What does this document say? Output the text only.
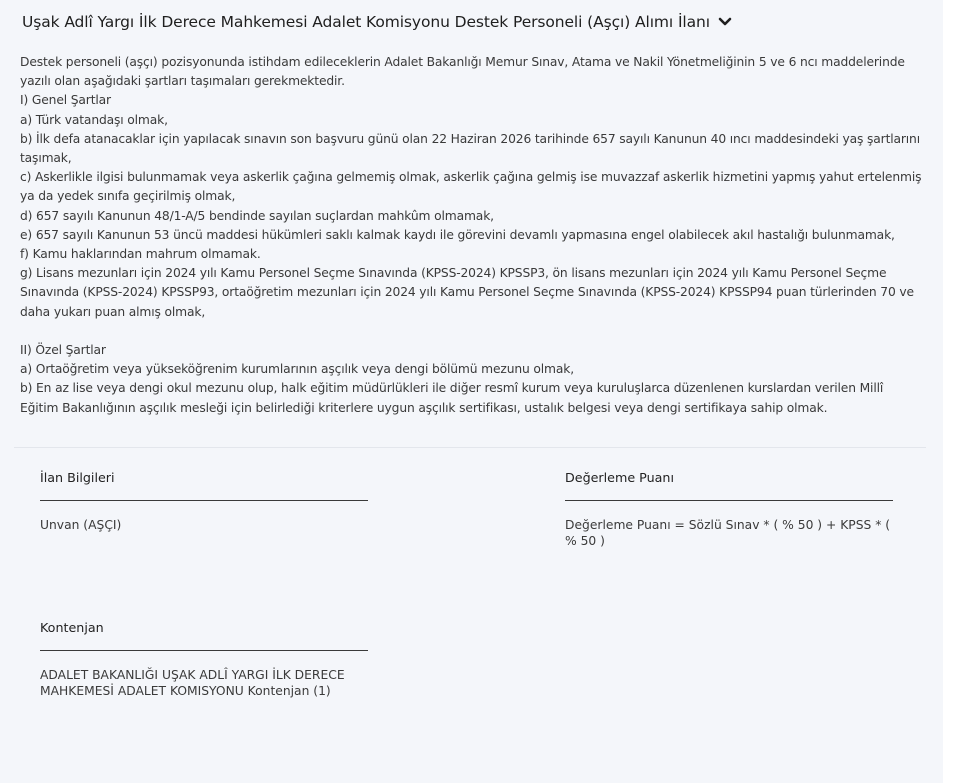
Uşak Adlî Yargı İlk Derece Mahkemesi Adalet Komisyonu Destek Personeli (Aşçı) Alımı İlanı

Destek personeli (aşçı) pozisyonunda istihdam edileceklerin Adalet Bakanlığı Memur Sınav, Atama ve Nakil Yönetmeliğinin 5 ve 6 ncı maddelerinde yazılı olan aşağıdaki şartları taşımaları gerekmektedir.

I) Genel Şartlar

a) Türk vatandaşı olmak,

b) İlk defa atanacaklar için yapılacak sınavın son başvuru günü olan 22 Haziran 2026 tarihinde 657 sayılı Kanunun 40 ıncı maddesindeki yaş şartlarını taşımak,

c) Askerlikle ilgisi bulunmamak veya askerlik çağına gelmemiş olmak, askerlik çağına gelmiş ise muvazzaf askerlik hizmetini yapmış yahut ertelenmiş ya da yedek sınıfa geçirilmiş olmak,

d) 657 sayılı Kanunun 48/1-A/5 bendinde sayılan suçlardan mahkûm olmamak,

e) 657 sayılı Kanunun 53 üncü maddesi hükümleri saklı kalmak kaydı ile görevini devamlı yapmasına engel olabilecek akıl hastalığı bulunmamak,

f) Kamu haklarından mahrum olmamak.

g) Lisans mezunları için 2024 yılı Kamu Personel Seçme Sınavında (KPSS-2024) KPSSP3, ön lisans mezunları için 2024 yılı Kamu Personel Seçme Sınavında (KPSS-2024) KPSSP93, ortaöğretim mezunları için 2024 yılı Kamu Personel Seçme Sınavında (KPSS-2024) KPSSP94 puan türlerinden 70 ve daha yukarı puan almış olmak,

II) Özel Şartlar

a) Ortaöğretim veya yükseköğrenim kurumlarının aşçılık veya dengi bölümü mezunu olmak,

b) En az lise veya dengi okul mezunu olup, halk eğitim müdürlükleri ile diğer resmî kurum veya kuruluşlarca düzenlenen kurslardan verilen Millî Eğitim Bakanlığının aşçılık mesleği için belirlediği kriterlere uygun aşçılık sertifikası, ustalık belgesi veya dengi sertifikaya sahip olmak.

İlan Bilgileri
Unvan (AŞÇI)
Değerleme Puanı
Değerleme Puanı = Sözlü Sınav * ( % 50 ) + KPSS * ( % 50 )
Kontenjan
ADALET BAKANLIĞI UŞAK ADLÎ YARGI İLK DERECE MAHKEMESİ ADALET KOMISYONU Kontenjan (1)
